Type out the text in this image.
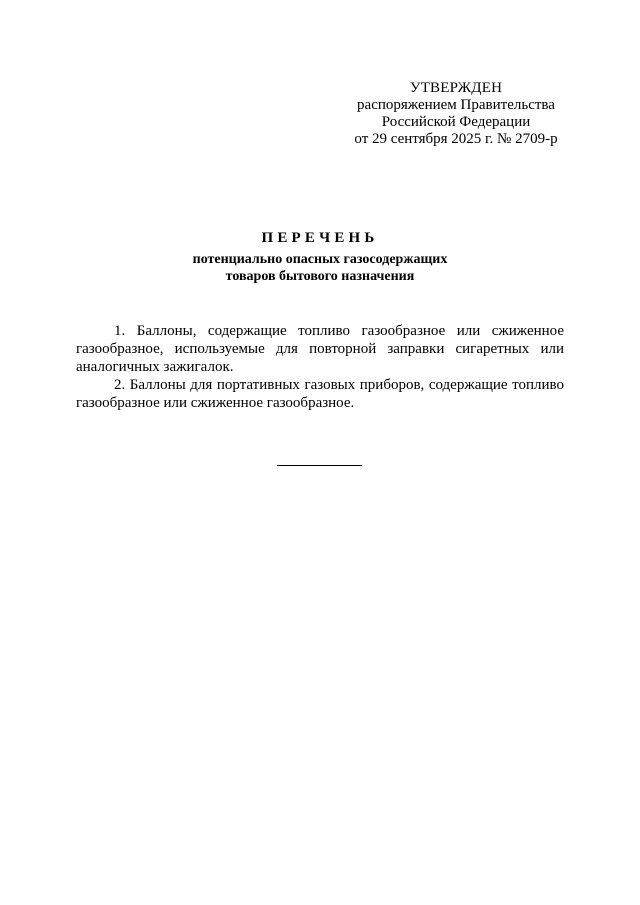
УТВЕРЖДЕН
распоряжением Правительства
Российской Федерации
от 29 сентября 2025 г. № 2709-р
ПЕРЕЧЕНЬ
потенциально опасных газосодержащих
товаров бытового назначения

1. Баллоны, содержащие топливо газообразное или сжиженное газообразное, используемые для повторной заправки сигаретных или аналогичных зажигалок.

2. Баллоны для портативных газовых приборов, содержащие топливо газообразное или сжиженное газообразное.
